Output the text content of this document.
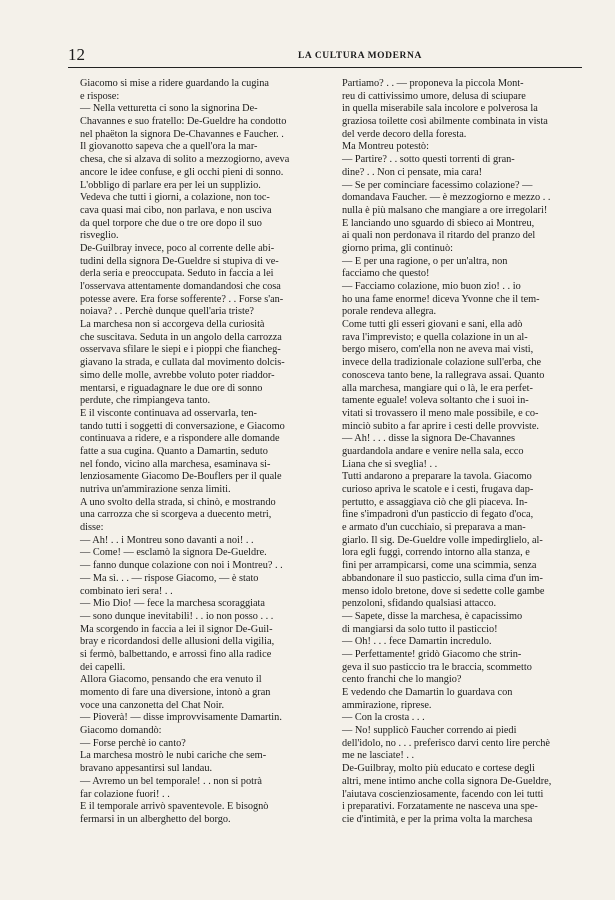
12	LA CULTURA MODERNA

Giacomo si mise a ridere guardando la cugina
e rispose:
— Nella vetturetta ci sono la signorina De-
Chavannes e suo fratello: De-Gueldre ha condotto
nel phaëton la signora De-Chavannes e Faucher. .
Il giovanotto sapeva che a quell'ora la mar-
chesa, che si alzava di solito a mezzogiorno, aveva
ancore le idee confuse, e gli occhi pieni di sonno.
L'obbligo di parlare era per lei un supplizio.
Vedeva che tutti i giorni, a colazione, non toc-
cava quasi mai cibo, non parlava, e non usciva
da quel torpore che due o tre ore dopo il suo
risveglio.
De-Guilbray invece, poco al corrente delle abi-
tudini della signora De-Gueldre si stupiva di ve-
derla seria e preoccupata. Seduto in faccia a lei
l'osservava attentamente domandandosi che cosa
potesse avere. Era forse sofferente? . . Forse s'an-
noiava? . . Perchè dunque quell'aria triste?
La marchesa non si accorgeva della curiosità
che suscitava. Seduta in un angolo della carrozza
osservava sfilare le siepi e i pioppi che fiancheg-
giavano la strada, e cullata dal movimento dolcis-
simo delle molle, avrebbe voluto poter riaddor-
mentarsi, e riguadagnare le due ore di sonno
perdute, che rimpiangeva tanto.
E il visconte continuava ad osservarla, ten-
tando tutti i soggetti di conversazione, e Giacomo
continuava a ridere, e a rispondere alle domande
fatte a sua cugina. Quanto a Damartin, seduto
nel fondo, vicino alla marchesa, esaminava si-
lenziosamente Giacomo De-Bouflers per il quale
nutriva un'ammirazione senza limiti.
A uno svolto della strada, si chinò, e mostrando
una carrozza che si scorgeva a duecento metri,
disse:
— Ah! . . i Montreu sono davanti a noi! . .
— Come! — esclamò la signora De-Gueldre.
— fanno dunque colazione con noi i Montreu? . .
— Ma sì. . . — rispose Giacomo, — è stato
combinato ieri sera! . .
— Mio Dio! — fece la marchesa scoraggiata
— sono dunque inevitabili! . . io non posso . . .
Ma scorgendo in faccia a lei il signor De-Guil-
bray e ricordandosi delle allusioni della vigilia,
si fermò, balbettando, e arrossì fino alla radice
dei capelli.
Allora Giacomo, pensando che era venuto il
momento di fare una diversione, intonò a gran
voce una canzonetta del Chat Noir.
— Pioverà! — disse improvvisamente Damartin.
Giacomo domandò:
— Forse perchè io canto?
La marchesa mostrò le nubi cariche che sem-
bravano appesantirsi sul landau.
— Avremo un bel temporale! . . non si potrà
far colazione fuori! . .
E il temporale arrivò spaventevole. E bisognò
fermarsi in un alberghetto del borgo.

Partiamo? . . — proponeva la piccola Mont-
reu di cattivissimo umore, delusa di sciupare
in quella miserabile sala incolore e polverosa la
graziosa toilette così abilmente combinata in vista
del verde decoro della foresta.
Ma Montreu potestò:
— Partire? . . sotto questi torrenti di gran-
dine? . . Non ci pensate, mia cara!
— Se per cominciare facessimo colazione? —
domandava Faucher. — è mezzogiorno e mezzo . .
nulla è più malsano che mangiare a ore irregolari!
E lanciando uno sguardo di sbieco ai Montreu,
ai quali non perdonava il ritardo del pranzo del
giorno prima, gli continuò:
— E per una ragione, o per un'altra, non
facciamo che questo!
— Facciamo colazione, mio buon zio! . . io
ho una fame enorme! diceva Yvonne che il tem-
porale rendeva allegra.
Come tutti gli esseri giovani e sani, ella adò
rava l'imprevisto; e quella colazione in un al-
bergo misero, com'ella non ne aveva mai visti,
invece della tradizionale colazione sull'erba, che
conosceva tanto bene, la rallegrava assai. Quanto
alla marchesa, mangiare qui o là, le era perfet-
tamente eguale! voleva soltanto che i suoi in-
vitati si trovassero il meno male possibile, e co-
minciò subito a far aprire i cesti delle provviste.
— Ah! . . . disse la signora De-Chavannes
guardandola andare e venire nella sala, ecco
Liana che si sveglia! . .
Tutti andarono a preparare la tavola. Giacomo
curioso apriva le scatole e i cesti, frugava dap-
pertutto, e assaggiava ciò che gli piaceva. In-
fine s'impadronì d'un pasticcio di fegato d'oca,
e armato d'un cucchiaio, si preparava a man-
giarlo. Il sig. De-Gueldre volle impedirglielo, al-
lora egli fuggì, correndo intorno alla stanza, e
fini per arrampicarsi, come una scimmia, senza
abbandonare il suo pasticcio, sulla cima d'un im-
menso idolo bretone, dove si sedette colle gambe
penzoloni, sfidando qualsiasi attacco.
— Sapete, disse la marchesa, è capacissimo
di mangiarsi da solo tutto il pasticcio!
— Oh! . . . fece Damartin incredulo.
— Perfettamente! gridò Giacomo che strin-
geva il suo pasticcio tra le braccia, scommetto
cento franchi che lo mangio?
E vedendo che Damartin lo guardava con
ammirazione, riprese.
— Con la crosta . . .
— No! supplicò Faucher correndo ai piedi
dell'idolo, no . . . preferisco darvi cento lire perchè
me ne lasciate! . .
De-Guilbray, molto più educato e cortese degli
altri, mene intimo anche colla signora De-Gueldre,
l'aiutava coscienziosamente, facendo con lei tutti
i preparativi. Forzatamente ne nasceva una spe-
cie d'intimità, e per la prima volta la marchesa
